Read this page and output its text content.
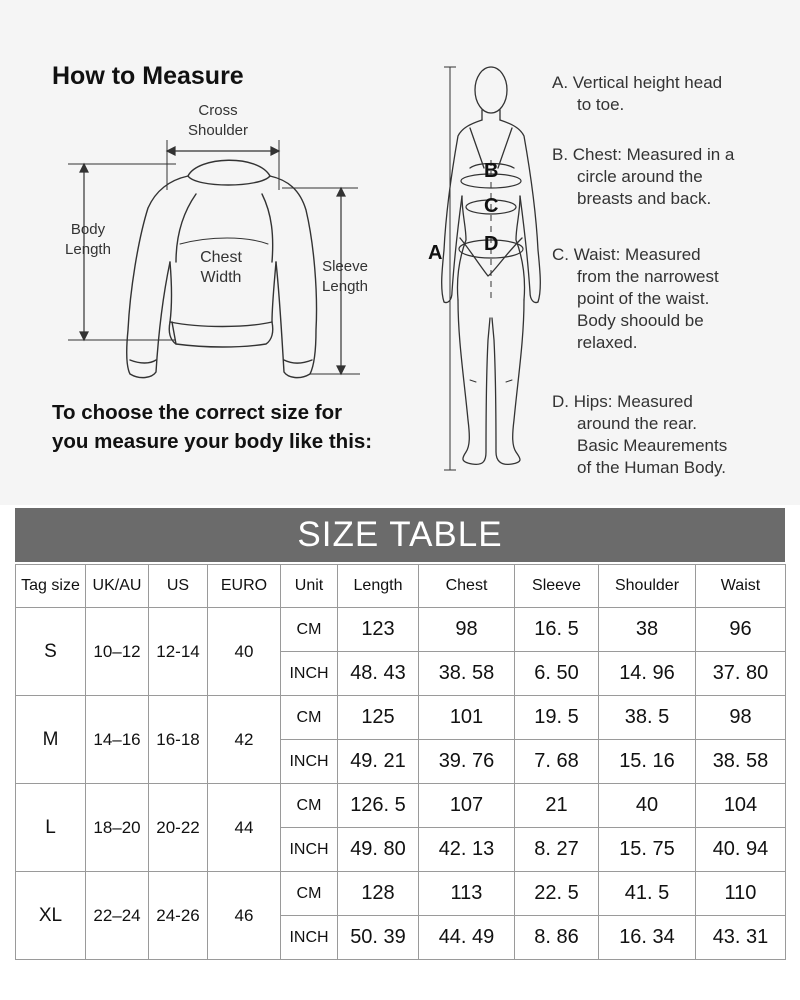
How to Measure
Cross
Shoulder
Body
Length	Chest
Width
Sleeve
Length
To choose the correct size for
you measure your body like this:
A
B
C
D
A. Vertical height head
to toe.
B. Chest: Measured in a
circle around the
breasts and back.
C. Waist: Measured
from the narrowest
point of the waist.
Body shoould be
relaxed.
D. Hips: Measured
around the rear.
Basic Meaurements
of the Human Body.
SIZE TABLE
Tag size	UK/AU	US	EURO	Unit	Length	Chest	Sleeve	Shoulder	Waist
S	10–12	12-14	40	CM	123	98	16. 5	38	96
				INCH	48. 43	38. 58	6. 50	14. 96	37. 80
M	14–16	16-18	42	CM	125	101	19. 5	38. 5	98
				INCH	49. 21	39. 76	7. 68	15. 16	38. 58
L	18–20	20-22	44	CM	126. 5	107	21	40	104
				INCH	49. 80	42. 13	8. 27	15. 75	40. 94
XL	22–24	24-26	46	CM	128	113	22. 5	41. 5	110
				INCH	50. 39	44. 49	8. 86	16. 34	43. 31
